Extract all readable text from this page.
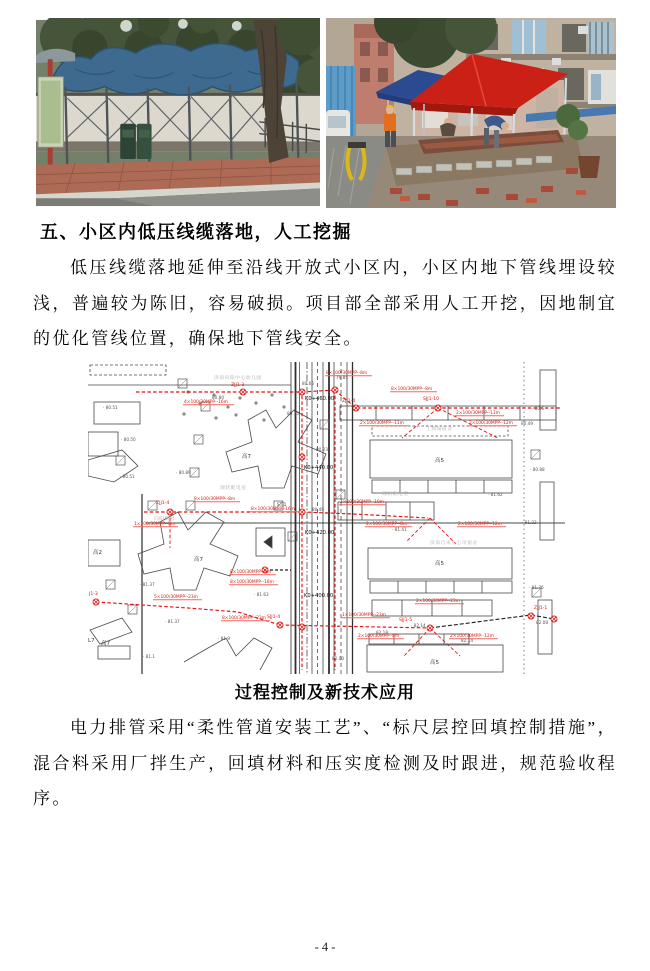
五、小区内低压线缆落地，人工挖掘
低压线缆落地延伸至沿线开放式小区内，小区内地下管线埋设较浅，普遍较为陈旧，容易破损。项目部全部采用人工开挖，因地制宜的优化管线位置，确保地下管线安全。
ZJJ1-3
ZJJ1-4	SJJ1-10
ZJJ1-4
J1-3
SJJ1-4
SJJ1-5
ZJJ1-1
4×100/30MPP--16m
8×100/30MPP--8m
8×100/30MPP--8m
2×100/30MPP--11m
2×100/30MPP--12m
2×100/30MPP--11m
8×100/30MPP--8m
8×100/30MPP--16m
8×100/30MPP--8m
8×100/30MPP--18m
5×100/30MPP--23m
8×100/30MPP--23m
2×100/30MPP--8m	2×100/30MPP--12m
1×100/30MPP--23m
2×100/30MPP--8m	2×100/30MPP--12m
1×100/30MPP--10m
1×100/30MPP--8m
2×100/30MPP--23m
K0+460.00
K0+440.00
K0+420.00
K0+400.00
· 80.51
· 80.50
· 80.51
· 80.89
80.80
79.85
80.75
80.23
80.49
80.66
· 80.6
80.49
· 80.88
· 81.62
· 81.22
· 81.76
82.08
· 81.37
· 81.37
· 81.63
· 81.9
· 81.1
82.18
· 82.14
82.14
82.00
· 81.41
济南向阳中心幼儿园
工商局宿舍
济南自来水公司宿舍
现状配电室
现状配电室
向阳街村
高7
高7
高5
高5
高5
高2
高7
L7
STJ1
过程控制及新技术应用
电力排管采用“柔性管道安装工艺”、“标尺层控回填控制措施”，混合料采用厂拌生产，回填材料和压实度检测及时跟进，规范验收程序。
- 4 -
